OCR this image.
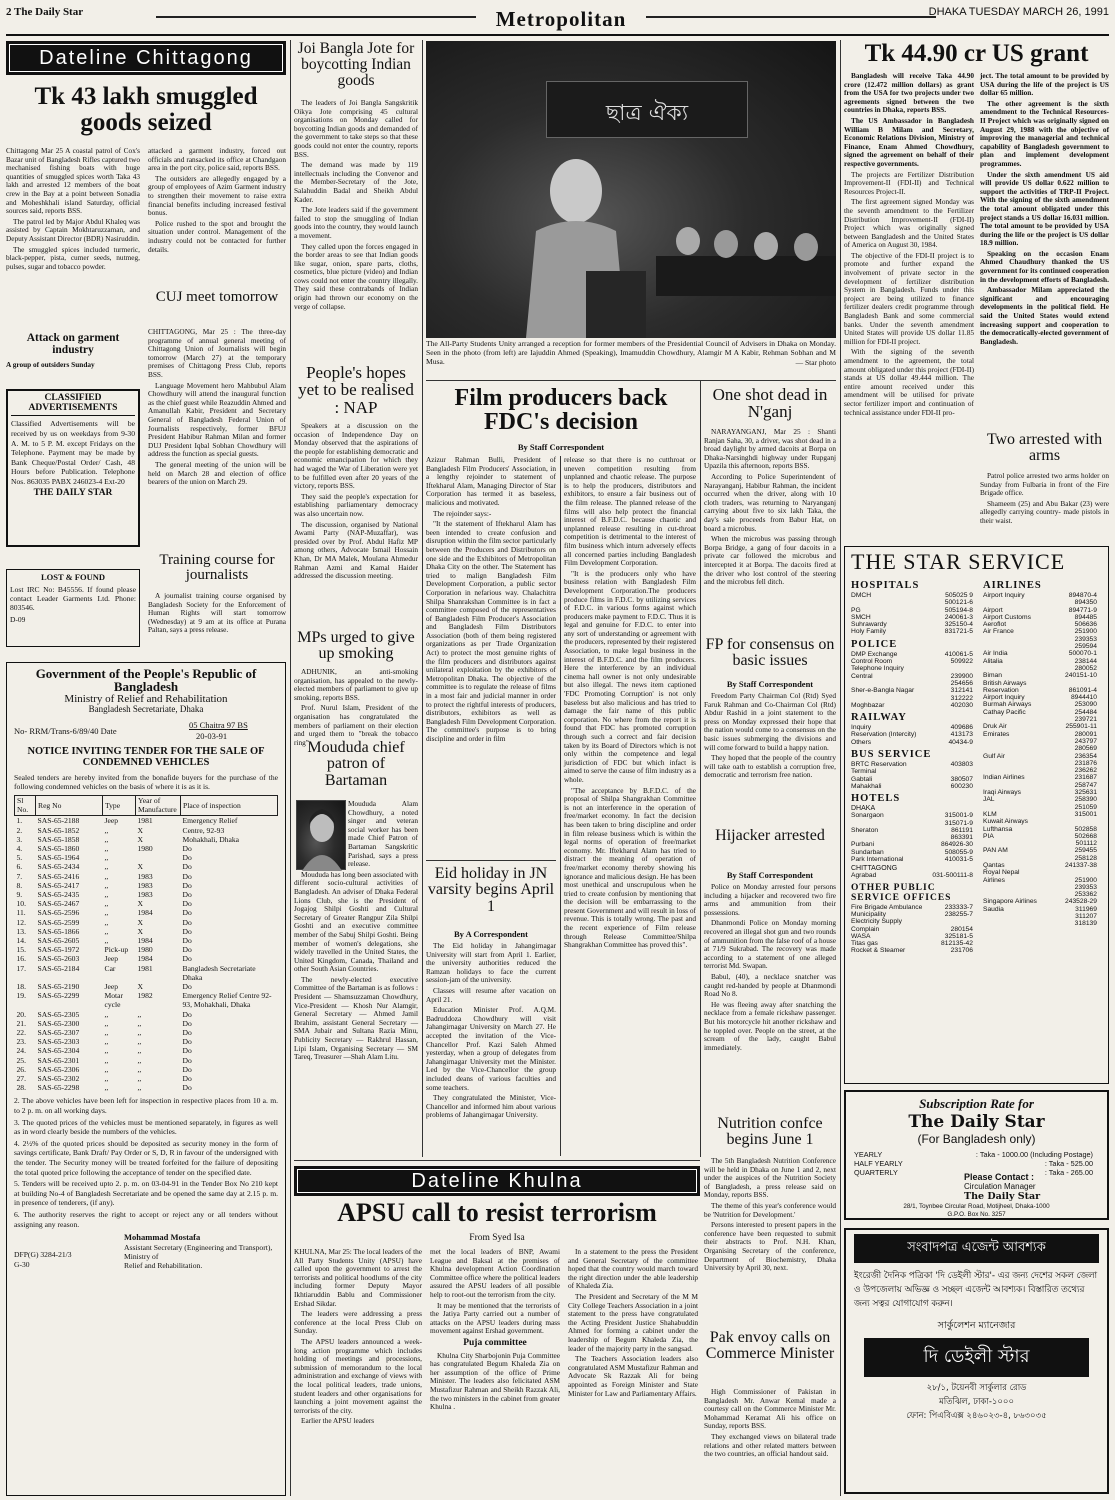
2 The Daily Star	Metropolitan	DHAKA TUESDAY MARCH 26, 1991
Dateline Chittagong
Tk 43 lakh smuggled goods seized

Chittagong Mar 25 A coastal patrol of Cox's Bazar unit of Bangladesh Rifles captured two mechanised fishing boats with huge quantities of smuggled spices worth Taka 43 lakh and arrested 12 members of the boat crew in the Bay at a point between Sonadia and Moheshkhali island Saturday, official sources said, reports BSS.

The patrol led by Major Abdul Khaleq was assisted by Captain Mokhtaruzzaman, and Deputy Assistant Director (BDR) Nasiruddin.

The smuggled spices included turmeric, black-pepper, pista, cumer seeds, nutmeg, pulses, sugar and tobacco powder.

Attack on garment industry

A group of outsiders Sunday

attacked a garment industry, forced out officials and ransacked its office at Chandgaon area in the port city, police said, reports BSS.

The outsiders are allegedly engaged by a group of employees of Azim Garment industry to strengthen their movement to raise extra financial benefits including increased festival bonus.

Police rushed to the spot and brought the situation under control. Management of the industry could not be contacted for further details.

CUJ meet tomorrow

CHITTAGONG, Mar 25 : The three-day programme of annual general meeting of Chittagong Union of Journalists will begin tomorrow (March 27) at the temporary premises of Chittagong Press Club, reports BSS.

Language Movement hero Mahbubul Alam Chowdhury will attend the inaugural function as the chief guest while Reazuddin Ahmed and Amanullah Kabir, President and Secretary General of Bangladesh Federal Union of Journalists respectively, former BFUJ President Habibur Rahman Milan and former DUJ President Iqbal Sobhan Chowdhury will address the function as special guests.

The general meeting of the union will be held on March 28 and election of office bearers of the union on March 29.

Training course for journalists

A journalist training course organised by Bangladesh Society for the Enforcement of Human Rights will start tomorrow (Wednesday) at 9 am at its office at Purana Paltan, says a press release.

CLASSIFIED ADVERTISEMENTS

Classified Advertisements will be received by us on weekdays from 9-30 A. M. to 5 P. M. except Fridays on the Telephone. Payment may be made by Bank Cheque/Postal Order/ Cash, 48 Hours before Publication. Telephone Nos. 863035 PABX 246023-4 Ext-20

THE DAILY STAR
LOST & FOUND

Lost IRC No: B45556. If found please contact Leader Garments Ltd. Phone: 803546.

D-09
Government of the People's Republic of Bangladesh
Ministry of Relief and Rehabilitation
Bangladesh Secretariate, Dhaka
No- RRM/Trans-6/89/40 Date
05 Chaitra 97 BS
20-03-91
NOTICE INVITING TENDER FOR THE SALE OF CONDEMNED VEHICLES

Sealed tenders are hereby invited from the bonafide buyers for the purchase of the following condemned vehicles on the basis of where it is as it is.

Sl No.	Reg No	Type	Year of Manufacture	Place of inspection
1.	SAS-65-2188	Jeep	1981	Emergency Relief
2.	SAS-65-1852	,,	X	Centre, 92-93
3.	SAS-65-1858	,,	X	Mohakhali, Dhaka
4.	SAS-65-1860	,,	1980	Do
5.	SAS-65-1964	,,		Do
6.	SAS-65-2434	,,	X	Do
7.	SAS-65-2416	,,	1983	Do
8.	SAS-65-2417	,,	1983	Do
9.	SAS-65-2435	,,	1983	Do
10.	SAS-65-2467	,,	X	Do
11.	SAS-65-2596	,,	1984	Do
12.	SAS-65-2599	,,	X	Do
13.	SAS-65-1866	,,	X	Do
14.	SAS-65-2605	,,	1984	Do
15.	SAS-65-1972	Pick-up	1980	Do
16.	SAS-65-2603	Jeep	1984	Do
17.	SAS-65-2184	Car	1981	Bangladesh Secretariate Dhaka
18.	SAS-65-2190	Jeep	X	Do
19.	SAS-65-2299	Motar cycle	1982	Emergency Relief Centre 92-93, Mohakhali, Dhaka
20.	SAS-65-2305	,,	,,	Do
21.	SAS-65-2300	,,	,,	Do
22.	SAS-65-2307	,,	,,	Do
23.	SAS-65-2303	,,	,,	Do
24.	SAS-65-2304	,,	,,	Do
25.	SAS-65-2301	,,	,,	Do
26.	SAS-65-2306	,,	,,	Do
27.	SAS-65-2302	,,	,,	Do
28.	SAS-65-2298	,,	,,	Do

2. The above vehicles have been left for inspection in respective places from 10 a. m. to 2 p. m. on all working days.

3. The quoted prices of the vehicles must be mentioned separately, in figures as well as in word clearly beside the numbers of the vehicles.

4. 2½% of the quoted prices should be deposited as security money in the form of savings certificate, Bank Draft/ Pay Order or S, D, R in favour of the undersigned with the tender. The Security money will be treated forfeited for the failure of depositing the total quoted price following the acceptance of tender on the specified date.

5. Tenders will be received upto 2. p. m. on 03-04-91 in the Tender Box No 210 kept at building No-4 of Bangladesh Secretariate and be opened the same day at 2.15 p. m. in presence of tenderers, (if any).

6. The authority reserves the right to accept or reject any or all tenders without assigning any reason.

Mohammad Mostafa
Assistant Secretary (Engineering and Transport), Ministry of
Relief and Rehabilitation.
DFP(G) 3284-21/3
G-30
Joi Bangla Jote for boycotting Indian goods

The leaders of Joi Bangla Sangskritik Oikya Jote comprising 45 cultural organisations on Monday called for boycotting Indian goods and demanded of the government to take steps so that these goods could not enter the country, reports BSS.

The demand was made by 119 intellectuals including the Convenor and the Member-Secretary of the Jote, Salahuddin Badal and Sheikh Abdul Kader.

The Jote leaders said if the government failed to stop the smuggling of Indian goods into the country, they would launch a movement.

They called upon the forces engaged in the border areas to see that Indian goods like sugar, onion, spare parts, cloths, cosmetics, blue picture (video) and Indian cows could not enter the country illegally. They said these contrabands of Indian origin had thrown our economy on the verge of collapse.

People's hopes yet to be realised : NAP

Speakers at a discussion on the occasion of Independence Day on Monday observed that the aspirations of the people for establishing democratic and economic emancipation for which they had waged the War of Liberation were yet to be fulfilled even after 20 years of the victory, reports BSS.

They said the people's expectation for establishing parliamentary democracy was also uncertain now.

The discussion, organised by National Awami Party (NAP-Muzaffar), was presided over by Prof. Abdul Hafiz MP among others, Advocate Ismail Hossain Khan, Dr MA Malek, Moulana Ahmedur Rahman Azmi and Kamal Haider addressed the discussion meeting.

MPs urged to give up smoking

ADHUNIK, an anti-smoking organisation, has appealed to the newly-elected members of parliament to give up smoking, reports BSS.

Prof. Nurul Islam, President of the organisation has congratulated the members of parliament on their election and urged them to "break the tobacco ring".

Moududa chief patron of Bartaman

Moududa Alam Chowdhury, a noted singer and veteran social worker has been made Chief Patron of Bartaman Sangskritic Parishad, says a press release.

Moududa has long been associated with different socio-cultural activities of Bangladesh. An adviser of Dhaka Federal Lions Club, she is the President of Jogajog Shilpi Goshti and Cultural Secretary of Greater Rangpur Zila Shilpi Goshti and an executive committee member of the Sabuj Shilpi Goshti. Being member of women's delegations, she widely travelled in the United States, the United Kingdom, Canada, Thailand and other South Asian Countries.

The newly-elected executive Committee of the Bartaman is as follows : President — Shamsuzzaman Chowdhury, Vice-President — Khosh Nur Alamgir, General Secretary — Ahmed Jamil Ibrahim, assistant General Secretary — SMA Jubair and Sultana Razia Minu, Publicity Secretary — Rakhrul Hassan, Lipi Islam, Organising Secretary — SM Tareq, Treasurer —Shah Alam Litu.

ছাত্র ঐক্য

The All-Party Students Unity arranged a reception for former members of the Presidential Council of Advisers in Dhaka on Monday. Seen in the photo (from left) are Iajuddin Ahmed (Speaking), Imamuddin Chowdhury, Alamgir M A Kabir, Rehman Sobhan and M Musa.	— Star photo
Film producers back FDC's decision
By Staff Correspondent

Azizur Rahman Bulli, President of Bangladesh Film Producers' Association, in a lengthy rejoinder to statement of Iftekharul Alam, Managing Director of Star Corporation has termed it as baseless, malicious and motivated.

The rejoinder says:-

"It the statement of Iftekharul Alam has been intended to create confusion and disruption within the film sector particularly between the Producers and Distributors on one side and the Exhibitors of Metropolitan Dhaka City on the other. The Statement has tried to malign Bangladesh Film Development Corporation, a public sector Corporation in nefarious way. Chalachitra Shilpa Shanrakshan Committee is in fact a committee composed of the representatives of Bangladesh Film Producer's Association and Bangladesh Film Distributors Association (both of them being registered organizations as per Trade Organization Act) to protect the most genuine rights of the film producers and distributors against unilateral exploitation by the exhibitors of Metropolitan Dhaka. The objective of the committee is to regulate the release of films in a most fair and judicial manner in order to protect the rightful interests of producers, distributors, exhibitors as well as Bangladesh Film Development Corporation. The committee's purpose is to bring discipline and order in film

release so that there is no cutthroat or uneven competition resulting from unplanned and chaotic release. The purpose is to help the producers, distributors and exhibitors, to ensure a fair business out of the film release. The planned release of the films will also help protect the financial interest of B.F.D.C. because chaotic and unplanned release resulting in cut-throat competition is detrimental to the interest of film business which inturn adversely effects all concerned parties including Bangladesh Film Development Corporation.

"It is the producers only who have business relation with Bangladesh Film Development Corporation.The producers produce films in F.D.C. by utilizing services of F.D.C. in various forms against which producers make payment to F.D.C. Thus it is legal and genuine for F.D.C. to enter into any sort of understanding or agreement with the producers, represented by their registered Association, to make legal business in the interest of B.F.D.C. and the film producers. Here the interference by an individual cinema hall owner is not only undesirable but also illegal. The news item captioned 'FDC Promoting Corruption' is not only baseless but also malicious and has tried to damage the fair name of this public corporation. No where from the report it is found that FDC has promoted corruption through such a correct and fair decision taken by its Board of Directors which is not only within the competence and legal jurisdiction of FDC but which infact is aimed to serve the cause of film industry as a whole.

"The acceptance by B.F.D.C. of the proposal of Shilpa Shangrakhan Committee is not an interference in the operation of free/market economy. In fact the decision has been taken to bring discipline and order in film release business which is within the legal norms of operation of free/market economy. Mr. Iftekharul Alam has tried to distract the meaning of operation of free/market economy thereby showing his ignorance and malicious design. He has been most unethical and unscrupulous when he tried to create confusion by mentioning that the decision will be embarrassing to the present Government and will result in loss of revenue. This is totally wrong. The past and the recent experience of Film release through Release Committee/Shilpa Shangrakhan Committee has proved this".

Eid holiday in JN varsity begins April 1
By A Correspondent

The Eid holiday in Jahangirnagar University will start from April 1. Earlier, the university authorities reduced the Ramzan holidays to face the current session-jam of the university.

Classes will resume after vacation on April 21.

Education Minister Prof. A.Q.M. Badruddoza Chowdhury will visit Jahangirnagar University on March 27. He accepted the invitation of the Vice-Chancellor Prof. Kazi Saleh Ahmed yesterday, when a group of delegates from Jahangirnagar University met the Minister. Led by the Vice-Chancellor the group included deans of various faculties and some teachers.

They congratulated the Minister, Vice-Chancellor and informed him about various problems of Jahangirnagar University.

One shot dead in N'ganj

NARAYANGANJ, Mar 25 : Shanti Ranjan Saha, 30, a driver, was shot dead in a broad daylight by armed dacoits at Borpa on Dhaka-Narsinghdi highway under Rupganj Upazila this afternoon, reports BSS.

According to Police Superintendent of Narayanganj, Habibur Rahman, the incident occurred when the driver, along with 10 cloth traders, was returning to Naryanganj carrying about five to six lakh Taka, the day's sale proceeds from Babur Hat, on board a microbus.

When the microbus was passing through Borpa Bridge, a gang of four dacoits in a private car followed the microbus and intercepted it at Borpa. The dacoits fired at the driver who lost control of the steering and the microbus fell ditch.

FP for consensus on basic issues
By Staff Correspondent

Freedom Party Chairman Col (Rtd) Syed Faruk Rahman and Co-Chairman Col (Rtd) Abdur Rashid in a joint statement to the press on Monday expressed their hope that the nation would come to a consensus on the basic issues submerging the divisions and will come forward to build a happy nation.

They hoped that the people of the country will take oath to establish a corruption free, democratic and terrorism free nation.

Hijacker arrested
By Staff Correspondent

Police on Monday arrested four persons including a hijacker and recovered two fire arms and ammunition from their possessions.

Dhanmondi Police on Monday morning recovered an illegal shot gun and two rounds of ammunition from the false roof of a house at 71/9 Sukrabad. The recovery was made according to a statement of one alleged terrorist Md. Swapan.

Babul, (40), a necklace snatcher was caught red-handed by people at Dhanmondi Road No 8.

He was fleeing away after snatching the necklace from a female rickshaw passenger. But his motorcycle hit another rickshaw and he toppled over. People on the street, at the scream of the lady, caught Babul immediately.

Nutrition confce begins June 1

The 5th Bangladesh Nutrition Conference will be held in Dhaka on June 1 and 2, next under the auspices of the Nutrition Society of Bangladesh, a press release said on Monday, reports BSS.

The theme of this year's conference would be 'Nutrition for Development.'

Persons interested to present papers in the conference have been requested to submit their abstracts to Prof. N.H. Khan, Organising Secretary of the conference, Department of Biochemistry, Dhaka University by April 30, next.

Pak envoy calls on Commerce Minister

High Commissioner of Pakistan in Bangladesh Mr. Anwar Kemal made a courtesy call on the Commerce Minister Mr. Mohammad Keramat Ali his office on Sunday, reports BSS.

They exchanged views on bilateral trade relations and other related matters between the two countries, an official handout said.

Dateline Khulna
APSU call to resist terrorism
From Syed Isa

KHULNA, Mar 25: The local leaders of the All Party Students Unity (APSU) have called upon the government to arrest the terrorists and political hoodlums of the city including former Deputy Mayor Ikhtiaruddin Bablu and Commissioner Ershad Sikdar.

The leaders were addressing a press conference at the local Press Club on Sunday.

The APSU leaders announced a week-long action programme which includes holding of meetings and processions, submission of memorandum to the local administration and exchange of views with the local political leaders, trade unions, student leaders and other organisations for launching a joint movement against the terrorists of the city.

Earlier the APSU leaders

met the local leaders of BNP, Awami League and Baksal at the premises of Khulna development Action Coordination Committee office where the political leaders assured the APSU leaders of all possible help to root-out the terrorism from the city.

It may be mentioned that the terrorists of the Jatiya Party carried out a number of attacks on the APSU leaders during mass movement against Ershad government.

Puja committee

Khulna City Sharbojonin Puja Committee has congratulated Begum Khaleda Zia on her assumption of the office of Prime Minister. The leaders also felicitated ASM Mustafizur Rahman and Sheikh Razzak Ali, the two ministers in the cabinet from greater Khulna .

In a statement to the press the President and General Secretary of the committee hoped that the country would march toward the right direction under the able leadership of Khaleda Zia.

The President and Secretary of the M M City College Teachers Association in a joint statement to the press have congratulated the Acting President Justice Shahabuddin Ahmed for forming a cabinet under the leadership of Begum Khaleda Zia, the leader of the majority party in the sangsad.

The Teachers Association leaders also congratulated ASM Mustafizur Rahman and Advocate Sk Razzak Ali for being appointed as Foreign Minister and State Minister for Law and Parliamentary Affairs.

Tk 44.90 cr US grant

Bangladesh will receive Taka 44.90 crore (12.472 million dollars) as grant from the USA for two projects under two agreements signed between the two countries in Dhaka, reports BSS.

The US Ambassador in Bangladesh William B Milam and Secretary, Economic Relations Division, Ministry of Finance, Enam Ahmed Chowdhury, signed the agreement on behalf of their respective governments.

The projects are Fertilizer Distribution Improvement-II (FDI-II) and Technical Resources Project-II.

The first agreement signed Monday was the seventh amendment to the Fertilizer Distribution Improvement-II (FDI-II) Project which was originally signed between Bangladesh and the United States of America on August 30, 1984.

The objective of the FDI-II project is to promote and further expand the involvement of private sector in the development of fertilizer distribution System in Bangladesh. Funds under this project are being utilized to finance fertilizer dealers credit programme through Bangladesh Bank and some commercial banks. Under the seventh amendment United States will provide US dollar 11.85 million for FDI-II project.

With the signing of the seventh amendment to the agreement, the total amount obligated under this project (FDI-II) stands at US dollar 49.444 million. The entire amount received under this amendment will be utilised for private sector fertilizer import and continuation of technical assistance under FDI-II pro-

ject. The total amount to be provided by USA during the life of the project is US dollar 65 million.

The other agreement is the sixth amendment to the Technical Resources-II Project which was originally signed on August 29, 1988 with the objective of improving the managerial and technical capability of Bangladesh government to plan and implement development programmes.

Under the sixth amendment US aid will provide US dollar 0.622 million to support the activities of TRP-II Project. With the signing of the sixth amendment the total amount obligated under this project stands a US dollar 16.031 million. The total amount to be provided by USA during the life or the project is US dollar 18.9 million.

Speaking on the occasion Enam Ahmed Chaudhury thanked the US government for its continued cooperation in the development efforts of Bangladesh.

Ambassador Milam appreciated the significant and encouraging developments in the political field. He said the United States would extend increasing support and cooperation to the democratically-elected government of Bangladesh.

Two arrested with arms

Patrol police arrested two arms holder on Sunday from Fulbaria in front of the Fire Brigade office.

Shameem (25) and Abu Bakar (23) were allegedly carrying country- made pistols in their waist.

THE STAR SERVICE
HOSPITALS
DMCH	505025 9
	500121-6
PG	505194-8
SMCH	240061-3
Suhrawardy	325150-4
Holy Family	831721-5
POLICE
DMP Exchange	410061-5
Control Room	509922
Telephone Inquiry	
Central	239900
	254656
Sher-e-Bangla Nagar	312141
	312222
Moghbazar	402030
RAILWAY
Inquiry	409686
Reservation (Intercity)	413173
Others	40434-9
BUS SERVICE
BRTC Reservation	403803
Terminal	
Gabtali	380507
Mahakhali	600230
HOTELS
DHAKA
Sonargaon	315001-9
	315071-9
Sheraton	861191
	863391
Purbani	864926-30
Sundarban	508055-9
Park International	410031-5
CHITTAGONG
Agrabad	031-500111-8
OTHER PUBLIC SERVICE OFFICES
Fire Brigade Ambulance	233333-7
Municipality	238255-7
Electricity Supply	
Complain	280154
WASA	325181-5
Titas gas	812135-42
Rocket & Steamer	231706
AIRLINES
Airport Inquiry	894870-4
	894350
Airport	894771-9
Airport Customs	894485
Aeroflot	506636
Air France	251900
	239353
	259594
Air India	500070-1
Alitalia	238144
	280052
Biman	240151-10
British Airways	
Reservation	861091-4
Airport Inquiry	8944410
Burmah Airways	253090
Cathay Pacific	254484
	239721
Druk Air	255901-11
Emirates	280091
	243797
	280569
Gulf Air	236354
	231876
	236262
Indian Airlines	231687
	258747
Iraqi Airways	325631
JAL	258390
	251059
KLM	315001
Kuwait Airways	
Lufthansa	502858
PIA	502668
	501112
PAN AM	259455
	258128
Qantas	241337-38
Royal Nepal	
Airlines	251900
	239353
	253362
Singapore Airlines	243528-29
Saudia	311969
	311207
	318139
Subscription Rate for
The Daily Star
(For Bangladesh only)
YEARLY	: Taka - 1000.00 (Including Postage)
HALF YEARLY	: Taka - 525.00
QUARTERLY	: Taka - 265.00
Please Contact :
Circulation Manager
The Daily Star
28/1, Toynbee Circular Road, Motijheel, Dhaka-1000
G.P.O. Box No. 3257
সংবাদপত্র এজেন্ট আবশ্যক

ইংরেজী দৈনিক পত্রিকা 'দি ডেইলী স্টার'- এর জন্য দেশের সকল জেলা ও উপজেলায় অভিজ্ঞ ও সচ্ছল এজেন্ট আবশ্যক। বিস্তারিত তথ্যের জন্য সত্বর যোগাযোগ করুন।

সার্কুলেশন ম্যানেজার
দি ডেইলী স্টার
২৮/১, টয়েনবী সার্কুলার রোড
মতিঝিল, ঢাকা-১০০০
ফোন: পিএবিএক্স ২৪৬০২৩-৪, ৮৬৩০৩৫
